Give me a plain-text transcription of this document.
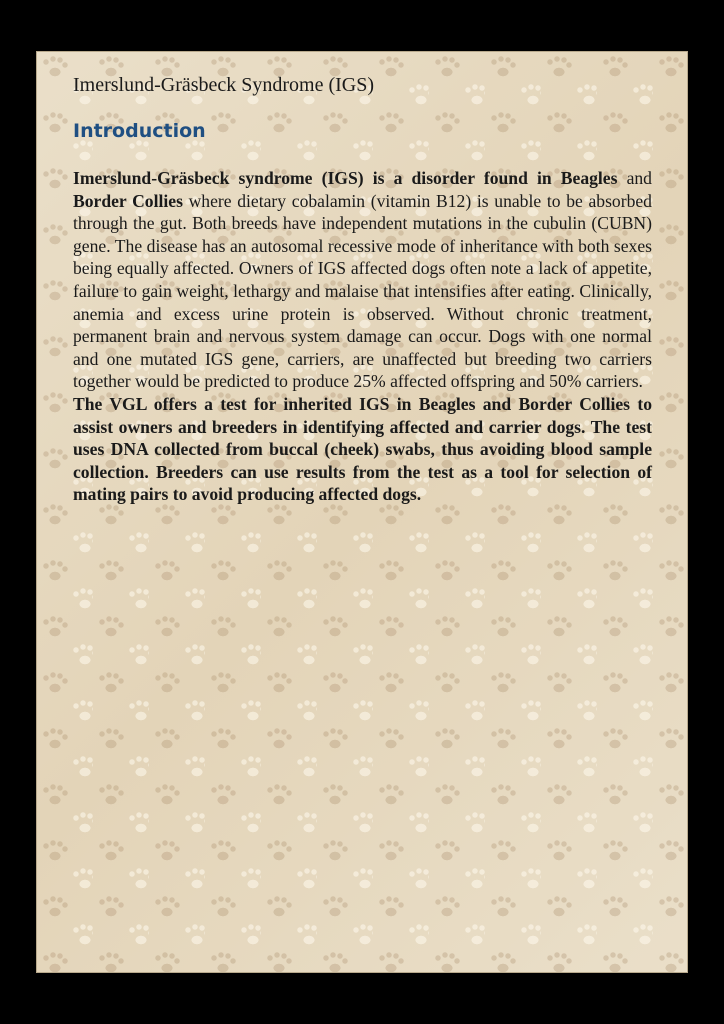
Imerslund-Gräsbeck Syndrome (IGS)
Introduction
Imerslund-Gräsbeck syndrome (IGS) is a disorder found in Beagles and Border Collies where dietary cobalamin (vitamin B12) is unable to be absorbed through the gut. Both breeds have independent mutations in the cubulin (CUBN) gene. The disease has an autosomal recessive mode of inheritance with both sexes being equally affected. Owners of IGS affected dogs often note a lack of appetite, failure to gain weight, lethargy and malaise that intensifies after eating. Clinically, anemia and excess urine protein is observed. Without chronic treatment, permanent brain and nervous system damage can occur. Dogs with one normal and one mutated IGS gene, carriers, are unaffected but breeding two carriers together would be predicted to produce 25% affected offspring and 50% carriers.
The VGL offers a test for inherited IGS in Beagles and Border Collies to assist owners and breeders in identifying affected and carrier dogs. The test uses DNA collected from buccal (cheek) swabs, thus avoiding blood sample collection. Breeders can use results from the test as a tool for selection of mating pairs to avoid producing affected dogs.
